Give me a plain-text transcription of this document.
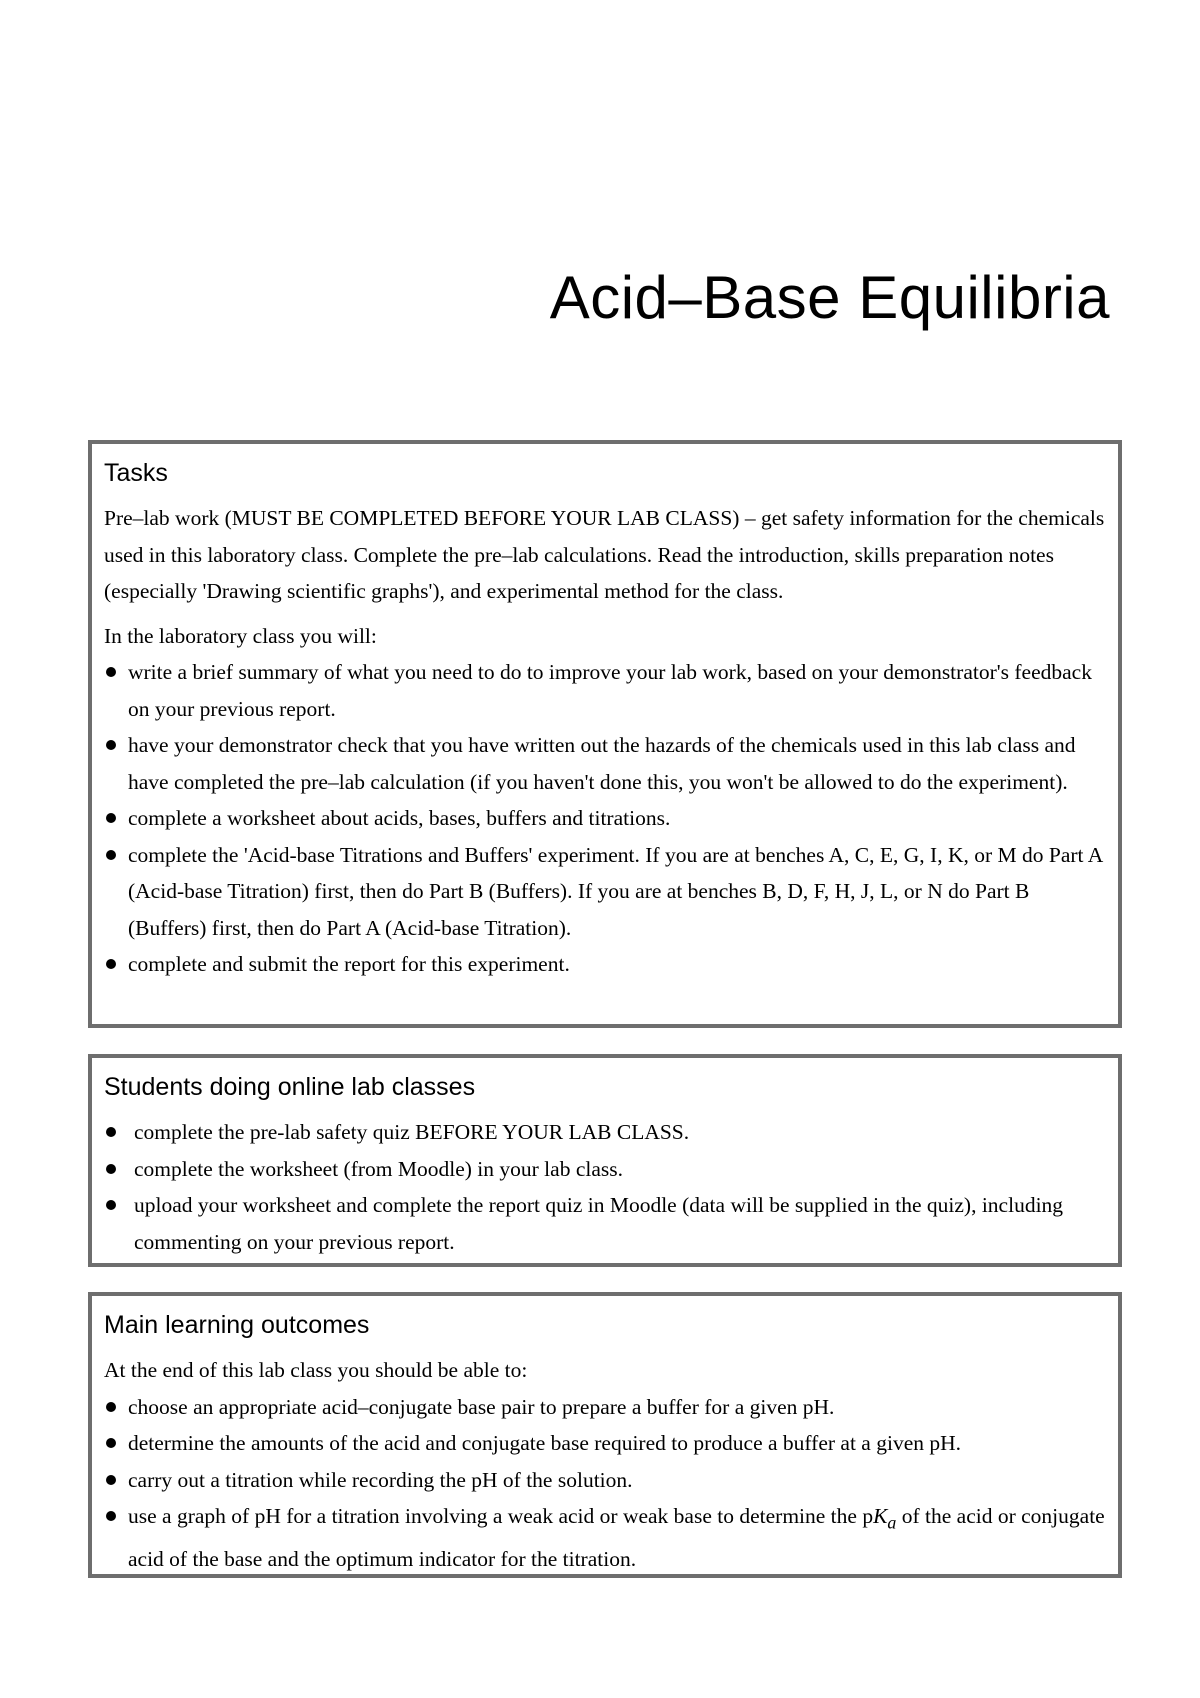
Acid–Base Equilibria
Tasks

Pre–lab work (MUST BE COMPLETED BEFORE YOUR LAB CLASS) – get safety information for the chemicals used in this laboratory class. Complete the pre–lab calculations. Read the introduction, skills preparation notes (especially 'Drawing scientific graphs'), and experimental method for the class.

In the laboratory class you will:

write a brief summary of what you need to do to improve your lab work, based on your demonstrator's feedback on your previous report.
have your demonstrator check that you have written out the hazards of the chemicals used in this lab class and have completed the pre–lab calculation (if you haven't done this, you won't be allowed to do the experiment).
complete a worksheet about acids, bases, buffers and titrations.
complete the 'Acid-base Titrations and Buffers' experiment. If you are at benches A, C, E, G, I, K, or M do Part A (Acid-base Titration) first, then do Part B (Buffers). If you are at benches B, D, F, H, J, L, or N do Part B (Buffers) first, then do Part A (Acid-base Titration).
complete and submit the report for this experiment.
Students doing online lab classes
complete the pre-lab safety quiz BEFORE YOUR LAB CLASS.
complete the worksheet (from Moodle) in your lab class.
upload your worksheet and complete the report quiz in Moodle (data will be supplied in the quiz), including commenting on your previous report.
Main learning outcomes

At the end of this lab class you should be able to:

choose an appropriate acid–conjugate base pair to prepare a buffer for a given pH.
determine the amounts of the acid and conjugate base required to produce a buffer at a given pH.
carry out a titration while recording the pH of the solution.
use a graph of pH for a titration involving a weak acid or weak base to determine the $pK_a$ of the acid or conjugate acid of the base and the optimum indicator for the titration.
